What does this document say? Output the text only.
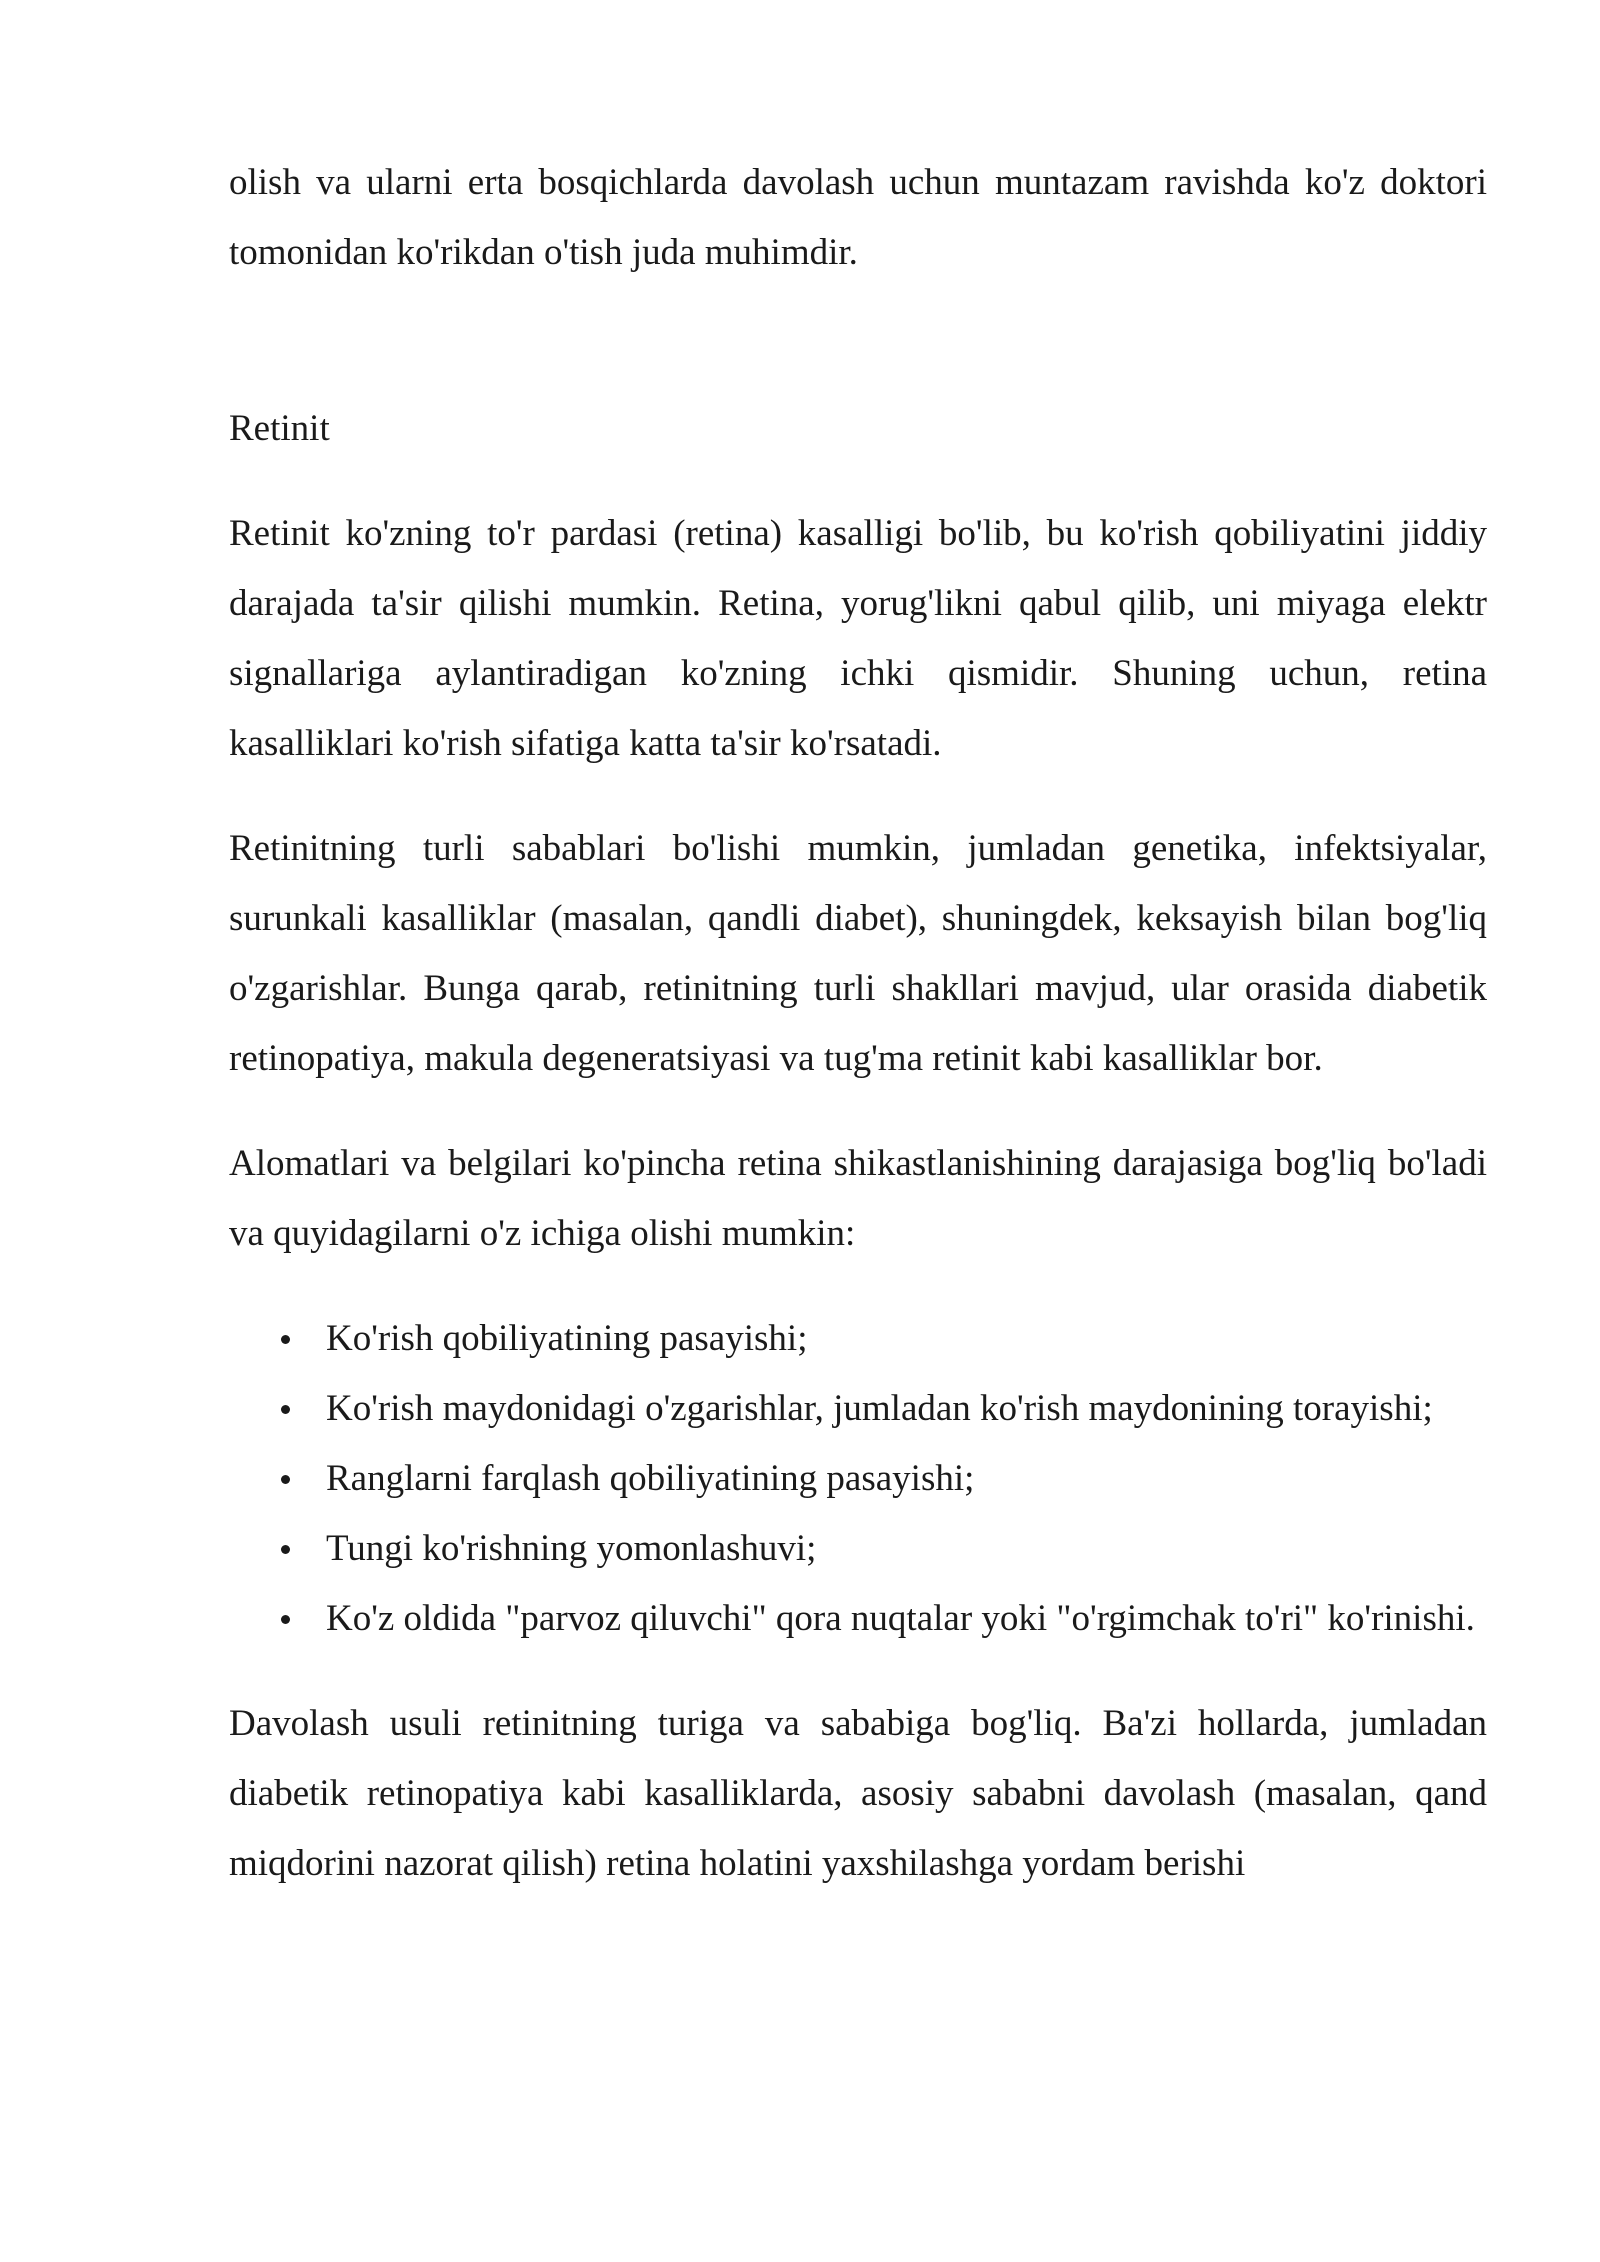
olish va ularni erta bosqichlarda davolash uchun muntazam ravishda ko'z doktori tomonidan ko'rikdan o'tish juda muhimdir.

Retinit

Retinit ko'zning to'r pardasi (retina) kasalligi bo'lib, bu ko'rish qobiliyatini jiddiy darajada ta'sir qilishi mumkin. Retina, yorug'likni qabul qilib, uni miyaga elektr signallariga aylantiradigan ko'zning ichki qismidir. Shuning uchun, retina kasalliklari ko'rish sifatiga katta ta'sir ko'rsatadi.

Retinitning turli sabablari bo'lishi mumkin, jumladan genetika, infektsiyalar, surunkali kasalliklar (masalan, qandli diabet), shuningdek, keksayish bilan bog'liq o'zgarishlar. Bunga qarab, retinitning turli shakllari mavjud, ular orasida diabetik retinopatiya, makula degeneratsiyasi va tug'ma retinit kabi kasalliklar bor.

Alomatlari va belgilari ko'pincha retina shikastlanishining darajasiga bog'liq bo'ladi va quyidagilarni o'z ichiga olishi mumkin:

Ko'rish qobiliyatining pasayishi;
Ko'rish maydonidagi o'zgarishlar, jumladan ko'rish maydonining torayishi;
Ranglarni farqlash qobiliyatining pasayishi;
Tungi ko'rishning yomonlashuvi;
Ko'z oldida "parvoz qiluvchi" qora nuqtalar yoki "o'rgimchak to'ri" ko'rinishi.

Davolash usuli retinitning turiga va sababiga bog'liq. Ba'zi hollarda, jumladan diabetik retinopatiya kabi kasalliklarda, asosiy sababni davolash (masalan, qand miqdorini nazorat qilish) retina holatini yaxshilashga yordam berishi
